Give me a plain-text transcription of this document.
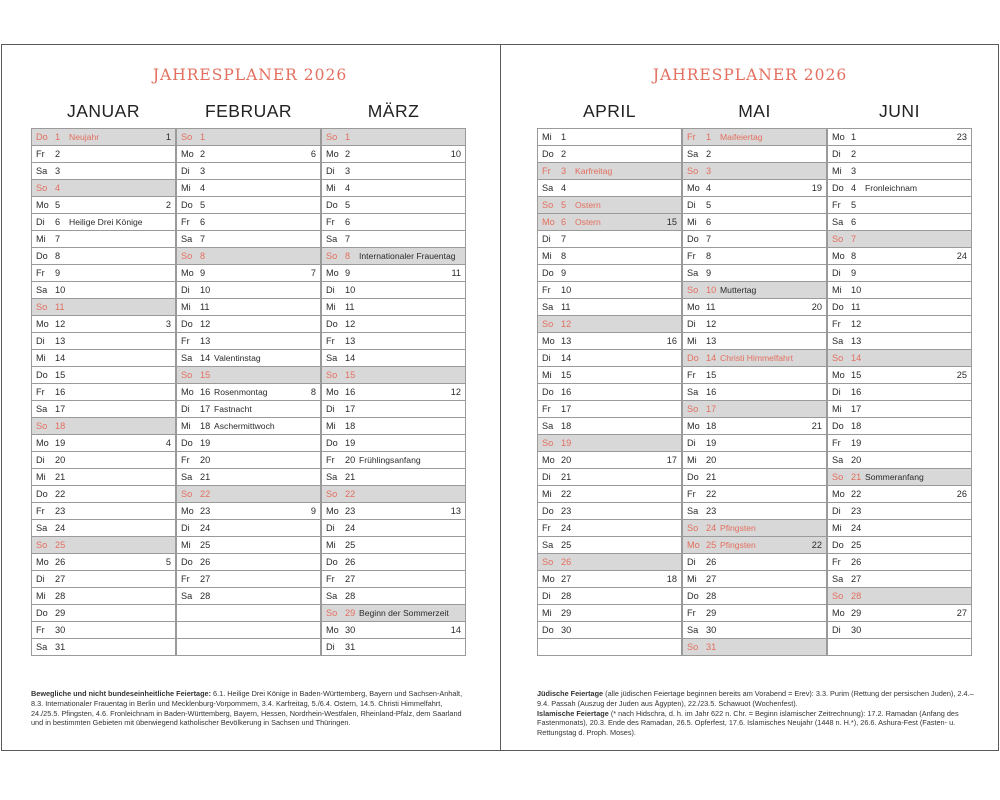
JAHRESPLANER 2026
JANUAR
Do 1 Neujahr	1
Fr 2
Sa 3
So 4
Mo 5	2
Di 6 Heilige Drei Könige
Mi 7
Do 8
Fr 9
Sa 10
So 11
Mo 12	3
Di 13
Mi 14
Do 15
Fr 16
Sa 17
So 18
Mo 19	4
Di 20
Mi 21
Do 22
Fr 23
Sa 24
So 25
Mo 26	5
Di 27
Mi 28
Do 29
Fr 30
Sa 31
FEBRUAR
So 1
Mo 2	6
Di 3
Mi 4
Do 5
Fr 6
Sa 7
So 8
Mo 9	7
Di 10
Mi 11
Do 12
Fr 13
Sa 14 Valentinstag
So 15
Mo 16 Rosenmontag	8
Di 17 Fastnacht
Mi 18 Aschermittwoch
Do 19
Fr 20
Sa 21
So 22
Mo 23	9
Di 24
Mi 25
Do 26
Fr 27
Sa 28
MÄRZ
So 1
Mo 2	10
Di 3
Mi 4
Do 5
Fr 6
Sa 7
So 8 Internationaler Frauentag
Mo 9	11
Di 10
Mi 11
Do 12
Fr 13
Sa 14
So 15
Mo 16	12
Di 17
Mi 18
Do 19
Fr 20 Frühlingsanfang
Sa 21
So 22
Mo 23	13
Di 24
Mi 25
Do 26
Fr 27
Sa 28
So 29 Beginn der Sommerzeit
Mo 30	14
Di 31
Bewegliche und nicht bundeseinheitliche Feiertage: 6.1. Heilige Drei Könige in Baden-Württemberg, Bayern und Sachsen-Anhalt, 8.3. Internationaler Frauentag in Berlin und Mecklenburg-Vorpommern, 3.4. Karfreitag, 5./6.4. Ostern, 14.5. Christi Himmelfahrt, 24./25.5. Pfingsten, 4.6. Fronleichnam in Baden-Württemberg, Bayern, Hessen, Nordrhein-Westfalen, Rheinland-Pfalz, dem Saarland und in bestimmten Gebieten mit überwiegend katholischer Bevölkerung in Sachsen und Thüringen.
JAHRESPLANER 2026
APRIL
Mi 1
Do 2
Fr 3 Karfreitag
Sa 4
So 5 Ostern
Mo 6 Ostern	15
Di 7
Mi 8
Do 9
Fr 10
Sa 11
So 12
Mo 13	16
Di 14
Mi 15
Do 16
Fr 17
Sa 18
So 19
Mo 20	17
Di 21
Mi 22
Do 23
Fr 24
Sa 25
So 26
Mo 27	18
Di 28
Mi 29
Do 30
MAI
Fr 1 Maifeiertag
Sa 2
So 3
Mo 4	19
Di 5
Mi 6
Do 7
Fr 8
Sa 9
So 10 Muttertag
Mo 11	20
Di 12
Mi 13
Do 14 Christi Himmelfahrt
Fr 15
Sa 16
So 17
Mo 18	21
Di 19
Mi 20
Do 21
Fr 22
Sa 23
So 24 Pfingsten
Mo 25 Pfingsten	22
Di 26
Mi 27
Do 28
Fr 29
Sa 30
So 31
JUNI
Mo 1	23
Di 2
Mi 3
Do 4 Fronleichnam
Fr 5
Sa 6
So 7
Mo 8	24
Di 9
Mi 10
Do 11
Fr 12
Sa 13
So 14
Mo 15	25
Di 16
Mi 17
Do 18
Fr 19
Sa 20
So 21 Sommeranfang
Mo 22	26
Di 23
Mi 24
Do 25
Fr 26
Sa 27
So 28
Mo 29	27
Di 30
Jüdische Feiertage (alle jüdischen Feiertage beginnen bereits am Vorabend = Erev): 3.3. Purim (Rettung der persischen Juden), 2.4.–9.4. Passah (Auszug der Juden aus Ägypten), 22./23.5. Schawuot (Wochenfest).
Islamische Feiertage (* nach Hidschra, d. h. im Jahr 622 n. Chr. = Beginn islamischer Zeitrechnung): 17.2. Ramadan (Anfang des Fastenmonats), 20.3. Ende des Ramadan, 26.5. Opferfest, 17.6. Islamisches Neujahr (1448 n. H.*), 26.6. Ashura-Fest (Fasten- u. Rettungstag d. Proph. Moses).
